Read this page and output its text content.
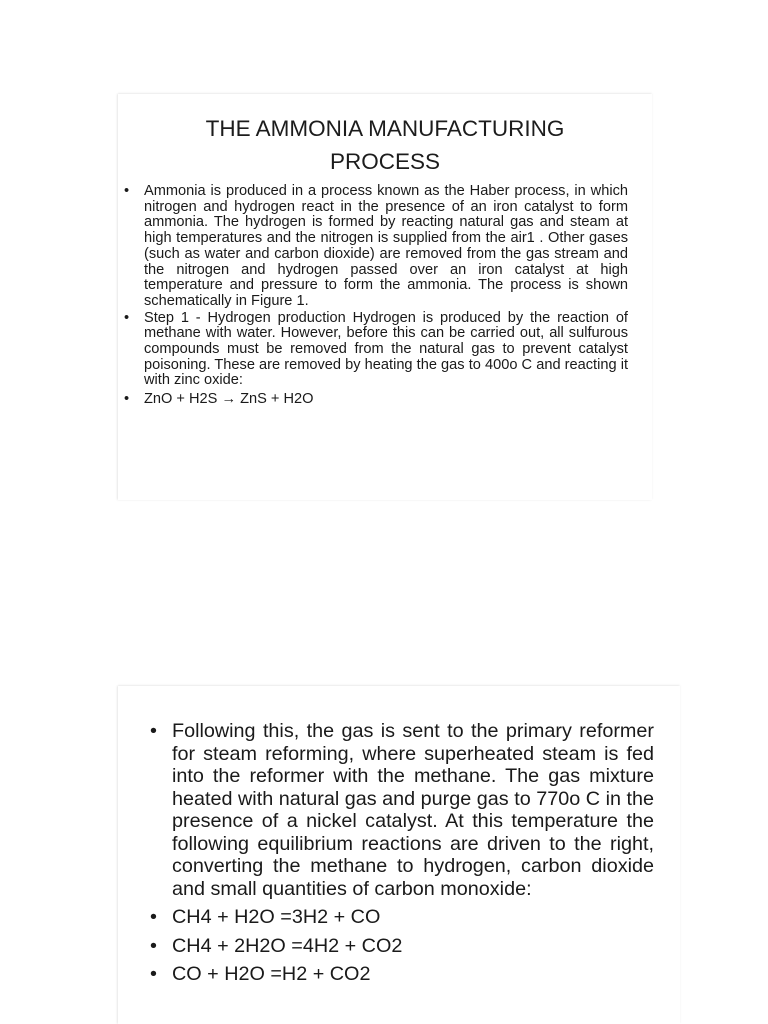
THE AMMONIA MANUFACTURING
PROCESS
• Ammonia is produced in a process known as the Haber process, in which nitrogen and hydrogen react in the presence of an iron catalyst to form ammonia. The hydrogen is formed by reacting natural gas and steam at high temperatures and the nitrogen is supplied from the air1 . Other gases (such as water and carbon dioxide) are removed from the gas stream and the nitrogen and hydrogen passed over an iron catalyst at high temperature and pressure to form the ammonia. The process is shown schematically in Figure 1.
• Step 1 - Hydrogen production Hydrogen is produced by the reaction of methane with water. However, before this can be carried out, all sulfurous compounds must be removed from the natural gas to prevent catalyst poisoning. These are removed by heating the gas to 400o C and reacting it with zinc oxide:
• ZnO + H2S → ZnS + H2O
• Following this, the gas is sent to the primary reformer for steam reforming, where superheated steam is fed into the reformer with the methane. The gas mixture heated with natural gas and purge gas to 770o C in the presence of a nickel catalyst. At this temperature the following equilibrium reactions are driven to the right, converting the methane to hydrogen, carbon dioxide and small quantities of carbon monoxide:
• CH4 + H2O =3H2 + CO
• CH4 + 2H2O =4H2 + CO2
• CO + H2O =H2 + CO2
